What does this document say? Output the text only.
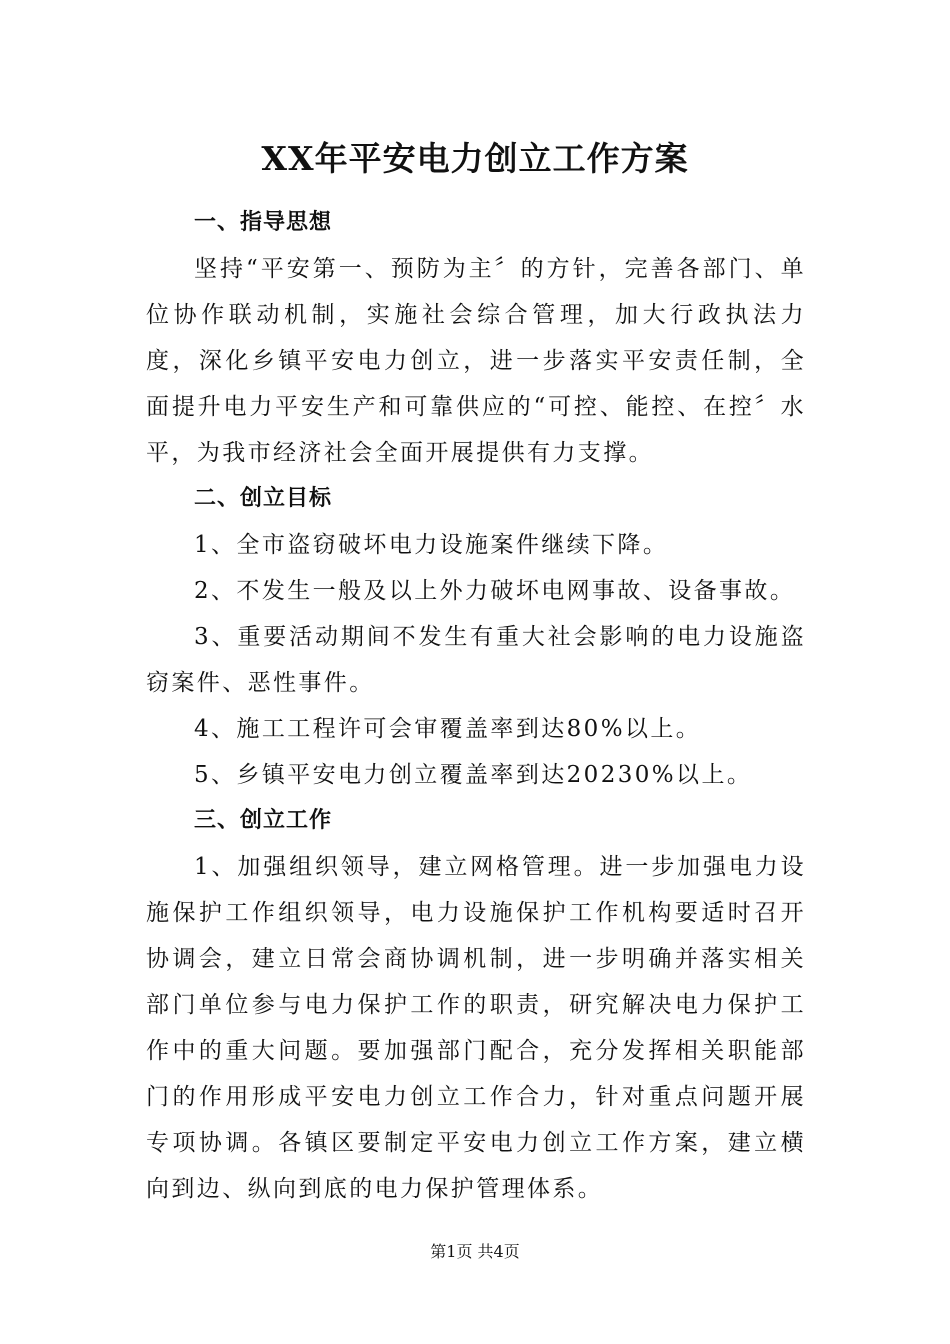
XX年平安电力创立工作方案

一、指导思想

坚持“平安第一、预防为主〞的方针，完善各部门、单位协作联动机制，实施社会综合管理，加大行政执法力度，深化乡镇平安电力创立，进一步落实平安责任制，全面提升电力平安生产和可靠供应的“可控、能控、在控〞水平，为我市经济社会全面开展提供有力支撑。

二、创立目标

1、全市盗窃破坏电力设施案件继续下降。

2、不发生一般及以上外力破坏电网事故、设备事故。

3、重要活动期间不发生有重大社会影响的电力设施盗窃案件、恶性事件。

4、施工工程许可会审覆盖率到达80%以上。

5、乡镇平安电力创立覆盖率到达20230%以上。

三、创立工作

1、加强组织领导，建立网格管理。进一步加强电力设施保护工作组织领导，电力设施保护工作机构要适时召开协调会，建立日常会商协调机制，进一步明确并落实相关部门单位参与电力保护工作的职责，研究解决电力保护工作中的重大问题。要加强部门配合，充分发挥相关职能部门的作用形成平安电力创立工作合力，针对重点问题开展专项协调。各镇区要制定平安电力创立工作方案，建立横向到边、纵向到底的电力保护管理体系。

第1页 共4页
